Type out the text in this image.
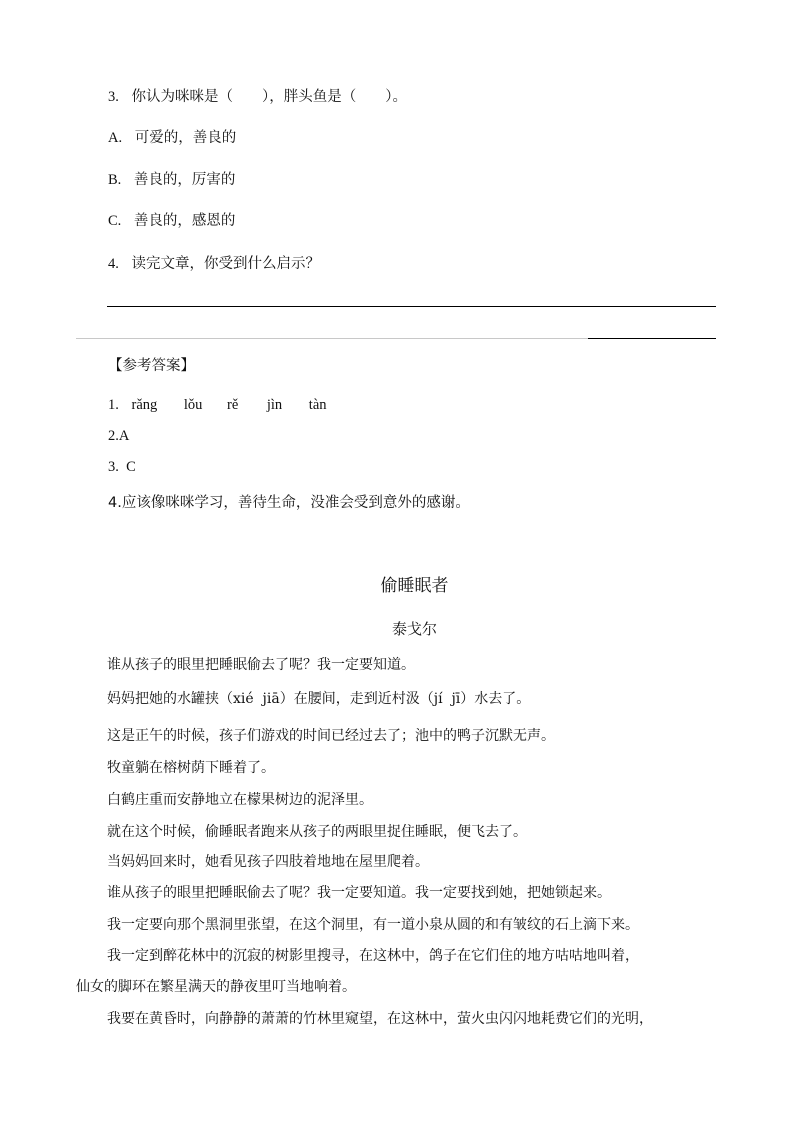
3. 你认为咪咪是（　　），胖头鱼是（　　）。
A. 可爱的，善良的
B. 善良的，厉害的
C. 善良的，感恩的
4. 读完文章，你受到什么启示？
【参考答案】
1. rǎng lǒu rě jìn tàn
2.A
3.  C
4.应该像咪咪学习，善待生命，没准会受到意外的感谢。
偷睡眠者
泰戈尔
谁从孩子的眼里把睡眠偷去了呢？我一定要知道。
妈妈把她的水罐挟（xié  jiā）在腰间，走到近村汲（jí  jī）水去了。
这是正午的时候，孩子们游戏的时间已经过去了；池中的鸭子沉默无声。
牧童躺在榕树荫下睡着了。
白鹤庄重而安静地立在檬果树边的泥泽里。
就在这个时候，偷睡眠者跑来从孩子的两眼里捉住睡眠，便飞去了。
当妈妈回来时，她看见孩子四肢着地地在屋里爬着。
谁从孩子的眼里把睡眠偷去了呢？我一定要知道。我一定要找到她，把她锁起来。
我一定要向那个黑洞里张望，在这个洞里，有一道小泉从圆的和有皱纹的石上滴下来。
我一定到醉花林中的沉寂的树影里搜寻，在这林中，鸽子在它们住的地方咕咕地叫着，
仙女的脚环在繁星满天的静夜里叮当地响着。
我要在黄昏时，向静静的萧萧的竹林里窥望，在这林中，萤火虫闪闪地耗费它们的光明，
